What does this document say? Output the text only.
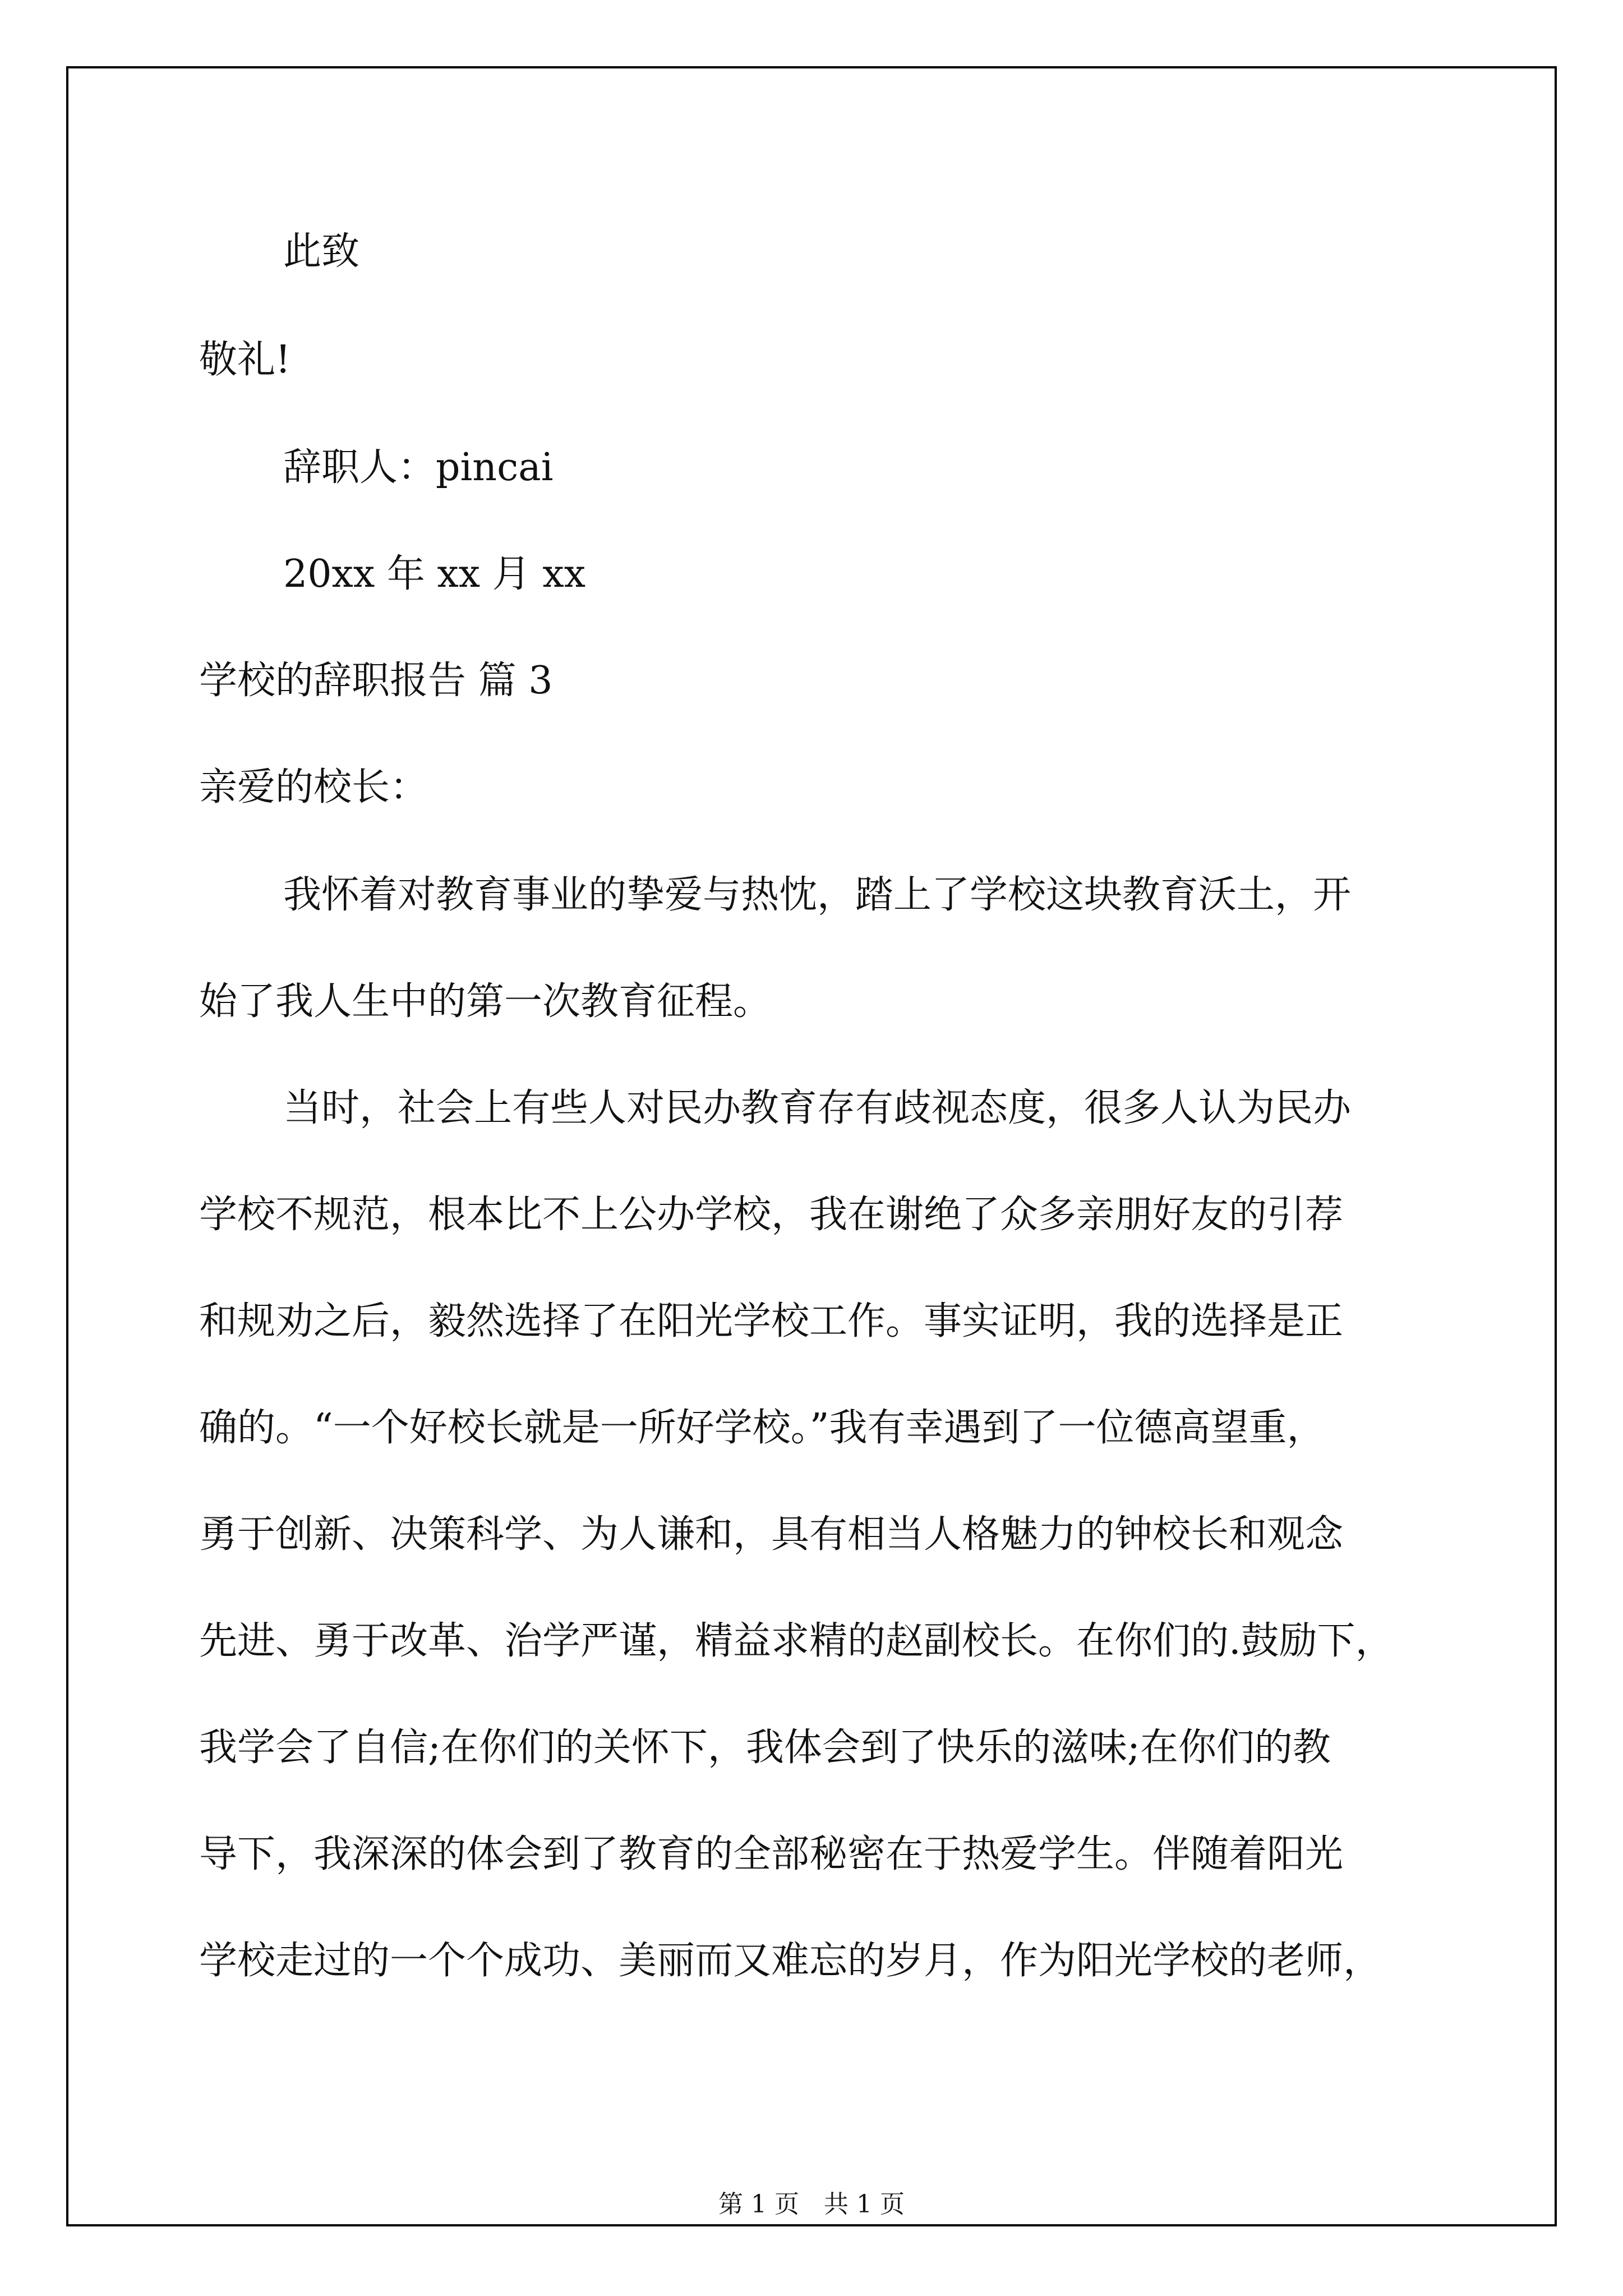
此致

敬礼!

辞职人：pincai

20xx 年 xx 月 xx

学校的辞职报告 篇 3

亲爱的校长：

我怀着对教育事业的挚爱与热忱，踏上了学校这块教育沃土，开

始了我人生中的第一次教育征程。

当时，社会上有些人对民办教育存有歧视态度，很多人认为民办

学校不规范，根本比不上公办学校，我在谢绝了众多亲朋好友的引荐

和规劝之后，毅然选择了在阳光学校工作。事实证明，我的选择是正

确的。“一个好校长就是一所好学校。”我有幸遇到了一位德高望重，

勇于创新、决策科学、为人谦和，具有相当人格魅力的钟校长和观念

先进、勇于改革、治学严谨，精益求精的赵副校长。在你们的.鼓励下，

我学会了自信;在你们的关怀下，我体会到了快乐的滋味;在你们的教

导下，我深深的体会到了教育的全部秘密在于热爱学生。伴随着阳光

学校走过的一个个成功、美丽而又难忘的岁月，作为阳光学校的老师，

第 1 页　共 1 页
